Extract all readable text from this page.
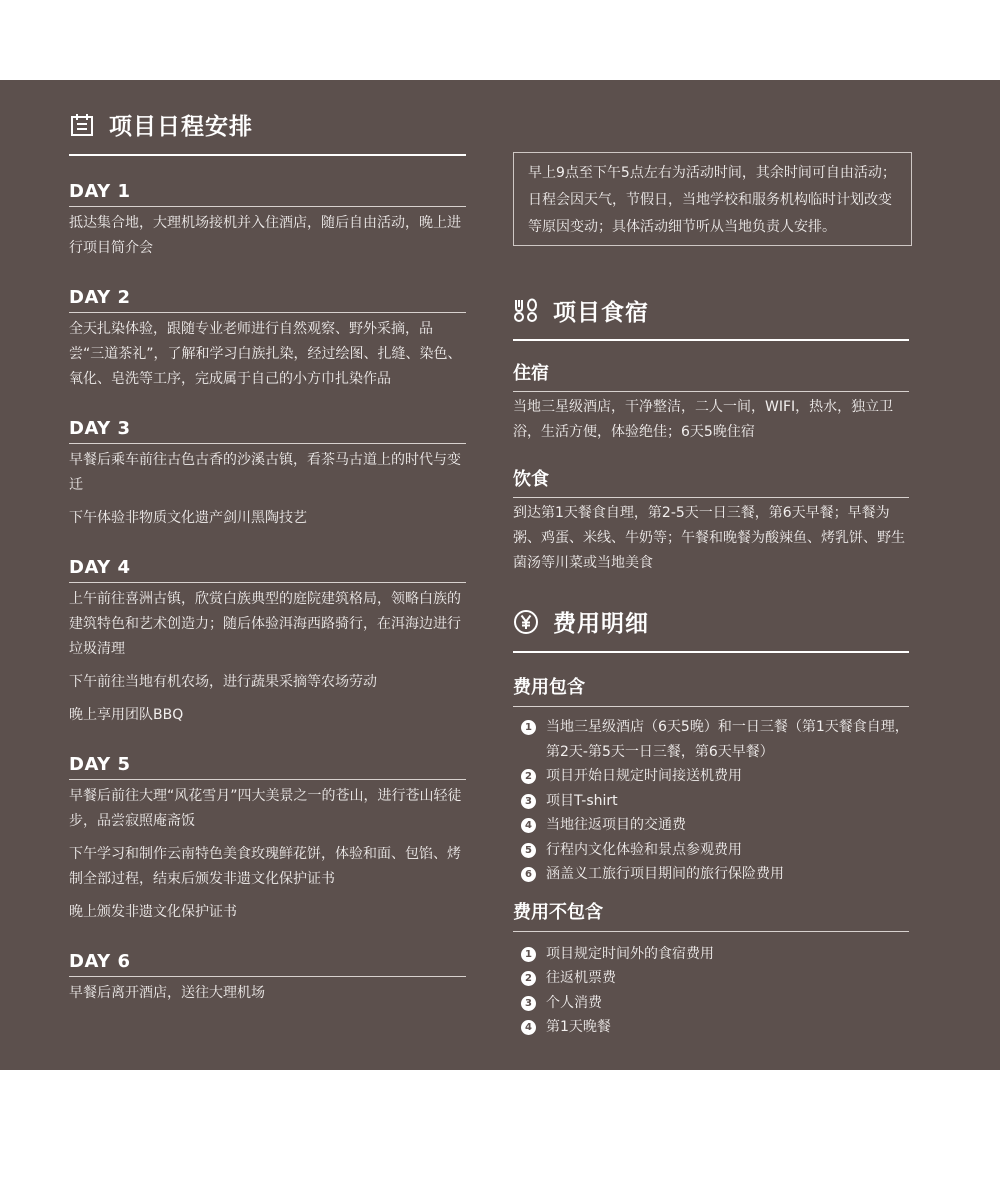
项目日程安排
DAY 1
抵达集合地，大理机场接机并入住酒店，随后自由活动，晚上进行项目简介会
DAY 2
全天扎染体验，跟随专业老师进行自然观察、野外采摘，品尝“三道茶礼”，了解和学习白族扎染，经过绘图、扎缝、染色、氧化、皂洗等工序，完成属于自己的小方巾扎染作品
DAY 3
早餐后乘车前往古色古香的沙溪古镇，看茶马古道上的时代与变迁
下午体验非物质文化遗产剑川黑陶技艺
DAY 4
上午前往喜洲古镇，欣赏白族典型的庭院建筑格局，领略白族的建筑特色和艺术创造力；随后体验洱海西路骑行，在洱海边进行垃圾清理
下午前往当地有机农场，进行蔬果采摘等农场劳动
晚上享用团队BBQ
DAY 5
早餐后前往大理“风花雪月”四大美景之一的苍山，进行苍山轻徒步，品尝寂照庵斋饭
下午学习和制作云南特色美食玫瑰鲜花饼，体验和面、包馅、烤制全部过程，结束后颁发非遗文化保护证书
晚上颁发非遗文化保护证书
DAY 6
早餐后离开酒店，送往大理机场
早上9点至下午5点左右为活动时间，其余时间可自由活动；日程会因天气，节假日，当地学校和服务机构临时计划改变等原因变动；具体活动细节听从当地负责人安排。
项目食宿
住宿
当地三星级酒店，干净整洁，二人一间，WIFI，热水，独立卫浴，生活方便，体验绝佳；6天5晚住宿
饮食
到达第1天餐食自理，第2-5天一日三餐，第6天早餐；早餐为粥、鸡蛋、米线、牛奶等；午餐和晚餐为酸辣鱼、烤乳饼、野生菌汤等川菜或当地美食
费用明细
费用包含
1 当地三星级酒店（6天5晚）和一日三餐（第1天餐食自理，第2天-第5天一日三餐，第6天早餐）
2 项目开始日规定时间接送机费用
3 项目T-shirt
4 当地往返项目的交通费
5 行程内文化体验和景点参观费用
6 涵盖义工旅行项目期间的旅行保险费用
费用不包含
1 项目规定时间外的食宿费用
2 往返机票费
3 个人消费
4 第1天晚餐
